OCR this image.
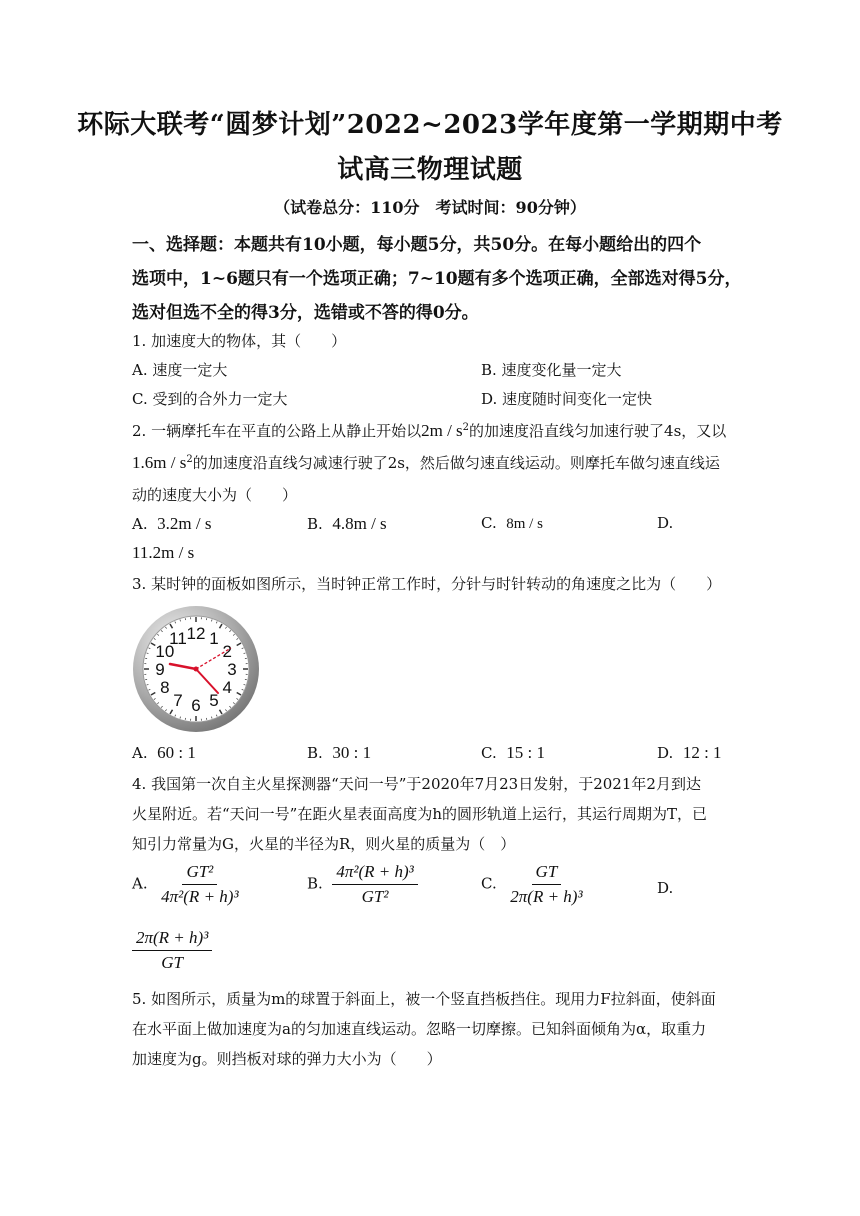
环际大联考“圆梦计划”2022~2023学年度第一学期期中考
试高三物理试题
（试卷总分：110分　考试时间：90分钟）
一、选择题：本题共有10小题，每小题5分，共50分。在每小题给出的四个
选项中，1~6题只有一个选项正确；7~10题有多个选项正确，全部选对得5分，
选对但选不全的得3分，选错或不答的得0分。
1. 加速度大的物体，其（　　）
A. 速度一定大	B. 速度变化量一定大
C. 受到的合外力一定大	D. 速度随时间变化一定快
2. 一辆摩托车在平直的公路上从静止开始以$2m / s^2$的加速度沿直线匀加速行驶了4s，又以
$1.6m / s^2$的加速度沿直线匀减速行驶了2s，然后做匀速直线运动。则摩托车做匀速直线运
动的速度大小为（　　）
A. 3.2m / s	B. 4.8m / s	C. 8m / s	D.
11.2m / s
3. 某时钟的面板如图所示，当时钟正常工作时，分针与时针转动的角速度之比为（　　）
12 1
2
3
4
5
6
7
8
9
10
11
A. 60 : 1	B. 30 : 1	C. 15 : 1	D. 12 : 1
4. 我国第一次自主火星探测器“天问一号”于2020年7月23日发射，于2021年2月到达
火星附近。若“天问一号”在距火星表面高度为h的圆形轨道上运行，其运行周期为T，已
知引力常量为G，火星的半径为R，则火星的质量为（　）
A. $\frac{\text{GT²}}{\text{4π²(R + h)³}}$	B. $\frac{\text{4π²(R + h)³}}{\text{GT²}}$	C. $\frac{GT}{\text{2π(R + h)³}}$	D.
$\frac{\text{2π(R + h)³}}{GT}$
5. 如图所示，质量为m的球置于斜面上，被一个竖直挡板挡住。现用力F拉斜面，使斜面
在水平面上做加速度为a的匀加速直线运动。忽略一切摩擦。已知斜面倾角为α，取重力
加速度为g。则挡板对球的弹力大小为（　　）
